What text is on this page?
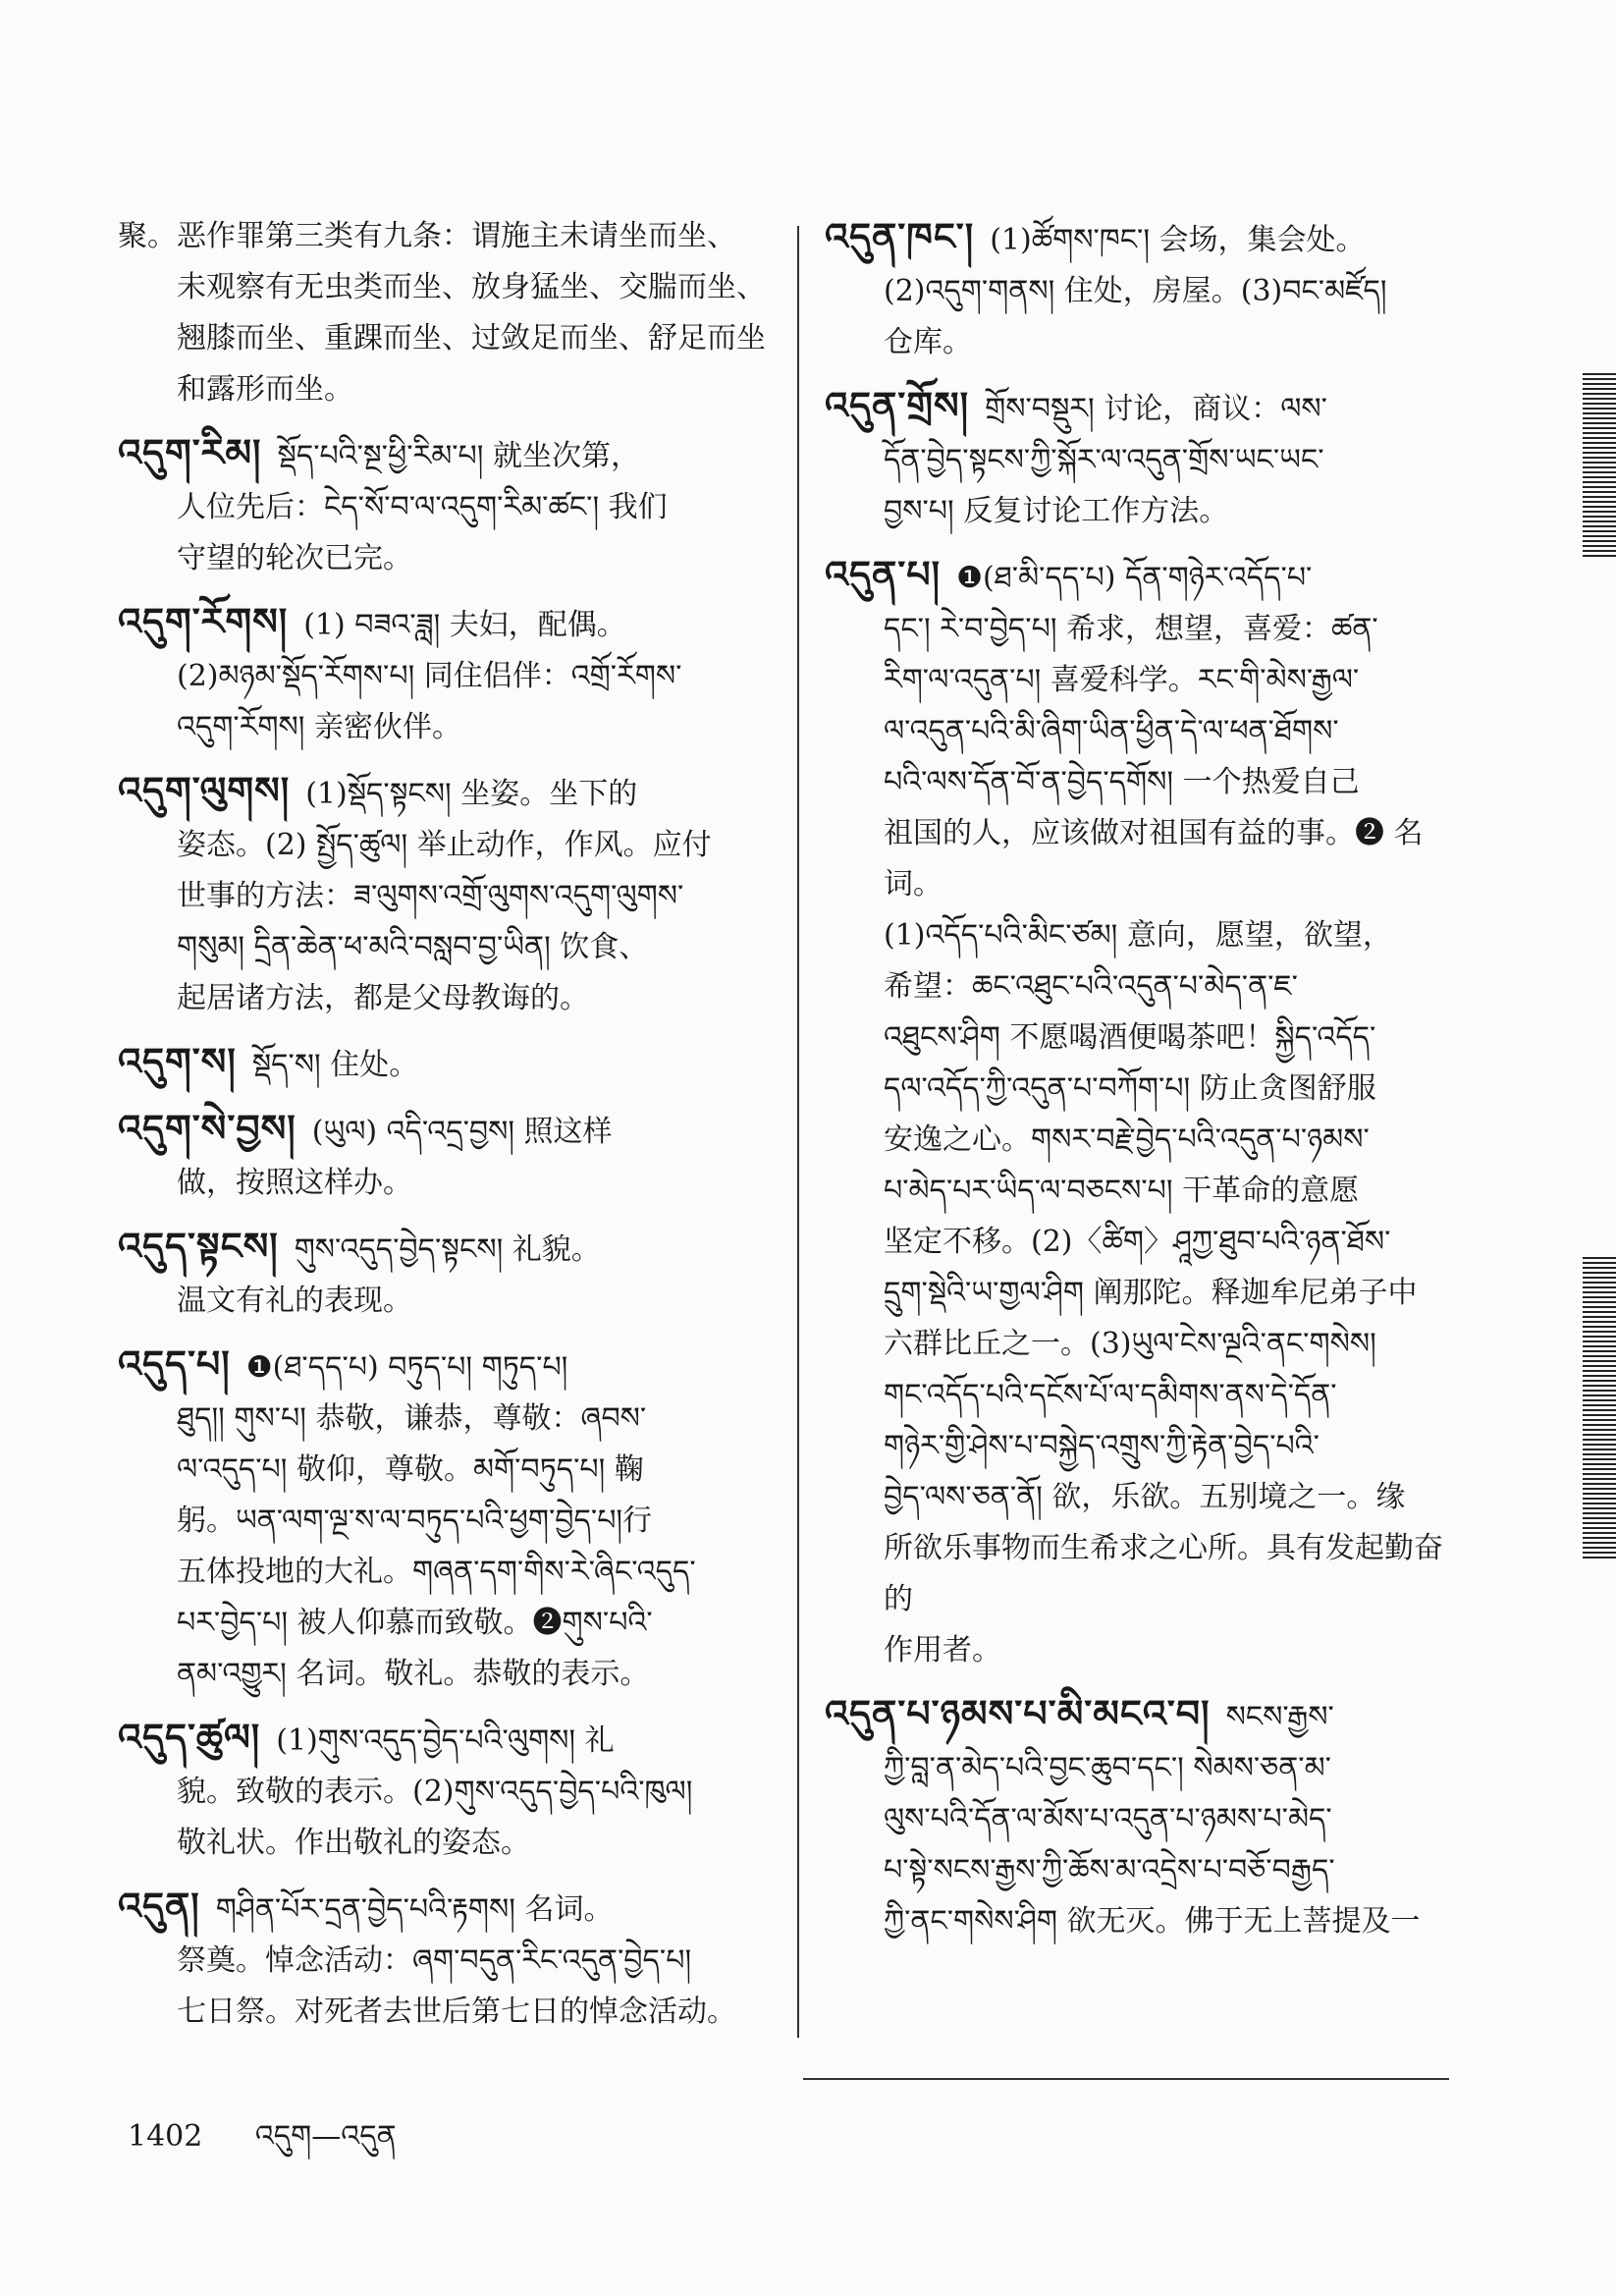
聚。恶作罪第三类有九条：谓施主未请坐而坐、
未观察有无虫类而坐、放身猛坐、交腨而坐、
翘膝而坐、重踝而坐、过敛足而坐、舒足而坐
和露形而坐。
འདུག་རིམ། སྡོད་པའི་སྔ་ཕྱི་རིམ་པ། 就坐次第，
人位先后：ངེད་སོ་བ་ལ་འདུག་རིམ་ཚང་། 我们
守望的轮次已完。
འདུག་རོགས། (1) བཟའ་ཟླ། 夫妇，配偶。
(2)མཉམ་སྡོད་རོགས་པ། 同住侣伴：འགྲོ་རོགས་
འདུག་རོགས། 亲密伙伴。
འདུག་ལུགས། (1)སྡོད་སྟངས། 坐姿。坐下的
姿态。(2) སྤྱོད་ཚུལ། 举止动作，作风。应付
世事的方法：ཟ་ལུགས་འགྲོ་ལུགས་འདུག་ལུགས་
གསུམ། དྲིན་ཆེན་ཕ་མའི་བསླབ་བྱ་ཡིན། 饮食、
起居诸方法，都是父母教诲的。
འདུག་ས། སྡོད་ས། 住处。
འདུག་སེ་བྱས། (ཡུལ) འདི་འདྲ་བྱས། 照这样
做，按照这样办。
འདུད་སྟངས། གུས་འདུད་བྱེད་སྟངས། 礼貌。
温文有礼的表现。
འདུད་པ། ❶(ཐ་དད་པ) བཏུད་པ། གཏུད་པ།
ཐུད།། གུས་པ། 恭敬，谦恭，尊敬：ཞབས་
ལ་འདུད་པ། 敬仰，尊敬。མགོ་བཏུད་པ། 鞠
躬。ཡན་ལག་ལྔ་ས་ལ་བཏུད་པའི་ཕྱག་བྱེད་པ།行
五体投地的大礼。གཞན་དག་གིས་རེ་ཞིང་འདུད་
པར་བྱེད་པ། 被人仰慕而致敬。❷གུས་པའི་
ནམ་འགྱུར། 名词。敬礼。恭敬的表示。
འདུད་ཚུལ། (1)གུས་འདུད་བྱེད་པའི་ལུགས། 礼
貌。致敬的表示。(2)གུས་འདུད་བྱེད་པའི་ཁུལ།
敬礼状。作出敬礼的姿态。
འདུན། གཤིན་པོར་དྲན་བྱེད་པའི་རྟགས། 名词。
祭奠。悼念活动：ཞག་བདུན་རིང་འདུན་བྱེད་པ།
七日祭。对死者去世后第七日的悼念活动。
འདུན་ཁང་། (1)ཚོགས་ཁང་། 会场，集会处。
(2)འདུག་གནས། 住处，房屋。(3)བང་མཛོད།
仓库。
འདུན་གྲོས། གྲོས་བསྡུར། 讨论，商议：ལས་
དོན་བྱེད་སྟངས་ཀྱི་སྐོར་ལ་འདུན་གྲོས་ཡང་ཡང་
བྱས་པ། 反复讨论工作方法。
འདུན་པ། ❶(ཐ་མི་དད་པ) དོན་གཉེར་འདོད་པ་
དང་། རེ་བ་བྱེད་པ། 希求，想望，喜爱：ཚན་
རིག་ལ་འདུན་པ། 喜爱科学。རང་གི་མེས་རྒྱལ་
ལ་འདུན་པའི་མི་ཞིག་ཡིན་ཕྱིན་དེ་ལ་ཕན་ཐོགས་
པའི་ལས་དོན་བོ་ན་བྱེད་དགོས། 一个热爱自己
祖国的人，应该做对祖国有益的事。❷ 名词。
(1)འདོད་པའི་མིང་ཙམ། 意向，愿望，欲望，
希望：ཆང་འཐུང་པའི་འདུན་པ་མེད་ན་ཇ་
འཐུངས་ཤིག 不愿喝酒便喝茶吧！སྐྱིད་འདོད་
དལ་འདོད་ཀྱི་འདུན་པ་བཀོག་པ། 防止贪图舒服
安逸之心。གསར་བརྗེ་བྱེད་པའི་འདུན་པ་ཉམས་
པ་མེད་པར་ཡིད་ལ་བཅངས་པ། 干革命的意愿
坚定不移。(2)〈ཚིག〉ཤཱཀྱ་ཐུབ་པའི་ཉན་ཐོས་
དྲུག་སྡེའི་ཡ་གྱལ་ཤིག 阐那陀。释迦牟尼弟子中
六群比丘之一。(3)ཡུལ་ངེས་ལྔའི་ནང་གསེས།
གང་འདོད་པའི་དངོས་པོ་ལ་དམིགས་ནས་དེ་དོན་
གཉེར་གྱི་ཤེས་པ་བསྐྱེད་འགྲུས་ཀྱི་རྟེན་བྱེད་པའི་
བྱེད་ལས་ཅན་ནོ། 欲，乐欲。五别境之一。缘
所欲乐事物而生希求之心所。具有发起勤奋的
作用者。
འདུན་པ་ཉམས་པ་མི་མངའ་བ། སངས་རྒྱས་
ཀྱི་བླ་ན་མེད་པའི་བྱང་ཆུབ་དང་། སེམས་ཅན་མ་
ལུས་པའི་དོན་ལ་མོས་པ་འདུན་པ་ཉམས་པ་མེད་
པ་སྟེ་སངས་རྒྱས་ཀྱི་ཆོས་མ་འདྲེས་པ་བཅོ་བརྒྱད་
ཀྱི་ནང་གསེས་ཤིག 欲无灭。佛于无上菩提及一
1402 འདུག—འདུན
